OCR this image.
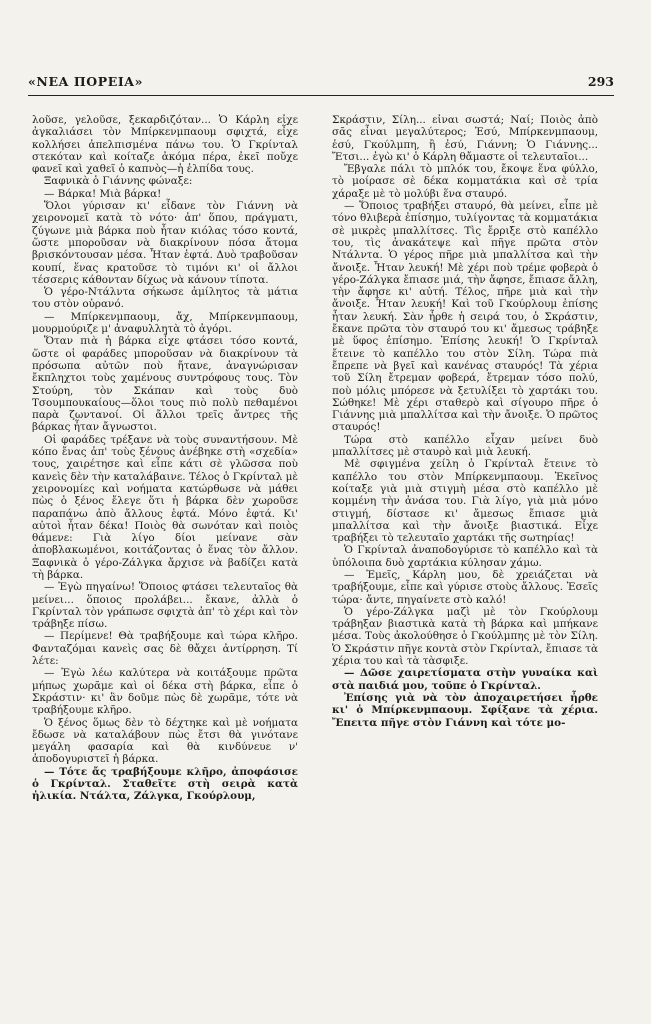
«ΝΕΑ ΠΟΡΕΙΑ»	293

λοῦσε, γελοῦσε, ξεκαρδιζόταν... Ὁ Κάρλη εἶχε ἀγκαλιάσει τὸν Μπίρκενμπαουμ σφιχτά, εἶχε κολλήσει ἀπελπισμένα πάνω του. Ὁ Γκρίνταλ στεκόταν καὶ κοίταζε ἀκόμα πέρα, ἐκεῖ ποὔχε φανεῖ καὶ χαθεῖ ὁ καπνὸς—ἡ ἐλπίδα τους.

Ξαφνικὰ ὁ Γιάννης φώναξε:

— Βάρκα! Μιὰ βάρκα!

Ὅλοι γύρισαν κι' εἶδανε τὸν Γιάννη νὰ χειρονομεῖ κατὰ τὸ νότο· ἀπ' ὅπου, πράγματι, ζύγωνε μιὰ βάρκα ποὺ ἦταν κιόλας τόσο κοντά, ὥστε μποροῦσαν νὰ διακρίνουν πόσα ἄτομα βρισκόντουσαν μέσα. Ἦταν ἑφτά. Δυὸ τραβοῦσαν κουπί, ἕνας κρατοῦσε τὸ τιμόνι κι' οἱ ἄλλοι τέσσερις κάθονταν δίχως νὰ κάνουν τίποτα.

Ὁ γέρο-Ντάλντα σήκωσε ἀμίλητος τὰ μάτια του στὸν οὐρανό.

— Μπίρκενμπαουμ, ἄχ, Μπίρκενμπαουμ, μουρμούριζε μ' ἀναφυλλητὰ τὸ ἀγόρι.

Ὅταν πιὰ ἡ βάρκα εἶχε φτάσει τόσο κοντά, ὥστε οἱ φαράδες μποροῦσαν νὰ διακρίνουν τὰ πρόσωπα αὐτῶν ποὺ ἤτανε, ἀναγνώρισαν ἔκπληχτοι τοὺς χαμένους συντρόφους τους. Τὸν Στούρη, τὸν Σκάπαν καὶ τοὺς δυὸ Τσουμπουκαίους—ὅλοι τους πιὸ πολὺ πεθαμένοι παρὰ ζωντανοί. Οἱ ἄλλοι τρεῖς ἄντρες τῆς βάρκας ἦταν ἄγνωστοι.

Οἱ φαράδες τρέξανε νὰ τοὺς συναντήσουν. Μὲ κόπο ἔνας ἀπ' τοὺς ξένους ἀνέβηκε στὴ «σχεδία» τους, χαιρέτησε καὶ εἶπε κάτι σὲ γλῶσσα ποὺ κανεὶς δὲν τὴν καταλάβαινε. Τέλος ὁ Γκρίνταλ μὲ χειρονομίες καὶ νοήματα κατώρθωσε νὰ μάθει πὼς ὁ ξένος ἔλεγε ὅτι ἡ βάρκα δὲν χωροῦσε παραπάνω ἀπὸ ἄλλους ἑφτά. Μόνο ἑφτά. Κι' αὐτοὶ ἦταν δέκα! Ποιὸς θὰ σωνόταν καὶ ποιὸς θάμενε: Γιὰ λίγο δίοι μείνανε σὰν ἀποβλακωμένοι, κοιτάζοντας ὁ ἕνας τὸν ἄλλον. Ξαφνικὰ ὁ γέρο-Ζάλγκα ἄρχισε νὰ βαδίζει κατὰ τὴ βάρκα.

— Ἐγὼ πηγαίνω! Ὅποιος φτάσει τελευταῖος θὰ μείνει... ὅποιος προλάβει... ἔκανε, ἀλλὰ ὁ Γκρίνταλ τὸν γράπωσε σφιχτὰ ἀπ' τὸ χέρι καὶ τὸν τράβηξε πίσω.

— Περίμενε! Θὰ τραβήξουμε καὶ τώρα κλῆρο. Φανταζόμαι κανεὶς σας δὲ θἄχει ἀντίρρηση. Τί λέτε:

— Ἐγὼ λέω καλύτερα νὰ κοιτάξουμε πρῶτα μήπως χωρᾶμε καὶ οἱ δέκα στὴ βάρκα, εἶπε ὁ Σκράστιν· κι' ἂν δοῦμε πὼς δὲ χωρᾶμε, τότε νὰ τραβήξουμε κλῆρο.

Ὁ ξένος ὅμως δὲν τὸ δέχτηκε καὶ μὲ νοήματα ἔδωσε νὰ καταλάβουν πὼς ἔτσι θὰ γινότανε μεγάλη φασαρία καὶ θὰ κινδύνευε ν' ἀποδογυριστεῖ ἡ βάρκα.

— Τότε ἄς τραβήξουμε κλῆρο, ἀποφάσισε ὁ Γκρίνταλ. Σταθεῖτε στὴ σειρὰ κατὰ ἡλικία. Ντάλτα, Ζάλγκα, Γκούρλουμ,

Σκράστιν, Σίλη... εἶναι σωστά; Ναί; Ποιὸς ἀπὸ σᾶς εἶναι μεγαλύτερος; Ἐσύ, Μπίρκενμπαουμ, ἐσύ, Γκούλμπη, ἢ ἐσύ, Γιάννη; Ὁ Γιάννης... Ἔτσι... ἐγὼ κι' ὁ Κάρλη θἄμαστε οἱ τελευταῖοι...

Ἔβγαλε πάλι τὸ μπλόκ του, ἔκοψε ἕνα φύλλο, τὸ μοίρασε σὲ δέκα κομματάκια καὶ σὲ τρία χάραξε μὲ τὸ μολύβι ἕνα σταυρό.

— Ὅποιος τραβήξει σταυρό, θὰ μείνει, εἶπε μὲ τόνο θλιβερὰ ἐπίσημο, τυλίγοντας τὰ κομματάκια σὲ μικρὲς μπαλλίτσες. Τὶς ἔρριξε στὸ καπέλλο του, τὶς ἀνακάτεψε καὶ πῆγε πρῶτα στὸν Ντάλντα. Ὁ γέρος πῆρε μιὰ μπαλλίτσα καὶ τὴν ἄνοιξε. Ἦταν λευκή! Μὲ χέρι ποὺ τρέμε φοβερὰ ὁ γέρο-Ζάλγκα ἔπιασε μιά, τὴν ἄφησε, ἔπιασε ἄλλη, τὴν ἄφησε κι' αὐτή. Τέλος, πῆρε μιὰ καὶ τὴν ἄνοιξε. Ἦταν λευκή! Καὶ τοῦ Γκούρλουμ ἐπίσης ἦταν λευκή. Σὰν ἦρθε ἡ σειρά του, ὁ Σκράστιν, ἔκανε πρῶτα τὸν σταυρό του κι' ἄμεσως τράβηξε μὲ ὕφος ἐπίσημο. Ἐπίσης λευκή! Ὁ Γκρίνταλ ἔτεινε τὸ καπέλλο του στὸν Σίλη. Τώρα πιὰ ἔπρεπε νὰ βγεῖ καὶ κανένας σταυρός! Τὰ χέρια τοῦ Σίλη ἔτρεμαν φοβερά, ἔτρεμαν τόσο πολύ, ποὺ μόλις μπόρεσε νὰ ξετυλίξει τὸ χαρτάκι του. Σώθηκε! Μὲ χέρι σταθερὸ καὶ σίγουρο πῆρε ὁ Γιάννης μιὰ μπαλλίτσα καὶ τὴν ἄνοιξε. Ὁ πρῶτος σταυρός!

Τώρα στὸ καπέλλο εἶχαν μείνει δυὸ μπαλλίτσες μὲ σταυρὸ καὶ μιὰ λευκή.

Μὲ σφιγμένα χείλη ὁ Γκρίνταλ ἔτεινε τὸ καπέλλο του στὸν Μπίρκενμπαουμ. Ἐκεῖνος κοίταξε γιὰ μιὰ στιγμὴ μέσα στὸ καπέλλο μὲ κομμένη τὴν ἀνάσα του. Γιὰ λίγο, γιὰ μιὰ μόνο στιγμή, δίστασε κι' ἄμεσως ἔπιασε μιὰ μπαλλίτσα καὶ τὴν ἄνοιξε βιαστικά. Εἶχε τραβήξει τὸ τελευταῖο χαρτάκι τῆς σωτηρίας!

Ὁ Γκρίνταλ ἀναποδογύρισε τὸ καπέλλο καὶ τὰ ὑπόλοιπα δυὸ χαρτάκια κύλησαν χάμω.

— Ἐμεῖς, Κάρλη μου, δὲ χρειάζεται νὰ τραβήξουμε, εἶπε καὶ γύρισε στοὺς ἄλλους. Ἐσεῖς τώρα· ἄντε, πηγαίνετε στὸ καλό!

Ὁ γέρο-Ζάλγκα μαζὶ μὲ τὸν Γκούρλουμ τράβηξαν βιαστικὰ κατὰ τὴ βάρκα καὶ μπήκανε μέσα. Τοὺς ἀκολούθησε ὁ Γκούλμπης μὲ τὸν Σίλη. Ὁ Σκράστιν πῆγε κοντὰ στὸν Γκρίνταλ, ἔπιασε τὰ χέρια του καὶ τὰ τὰσφιξε.

— Δῶσε χαιρετίσματα στὴν γυναίκα καὶ στὰ παιδιά μου, τοῦπε ὁ Γκρίνταλ.

Ἐπίσης γιὰ νὰ τὸν ἀποχαιρετήσει ἦρθε κι' ὁ Μπίρκενμπαουμ. Σφίξανε τὰ χέρια. Ἔπειτα πῆγε στὸν Γιάννη καὶ τότε μο-
